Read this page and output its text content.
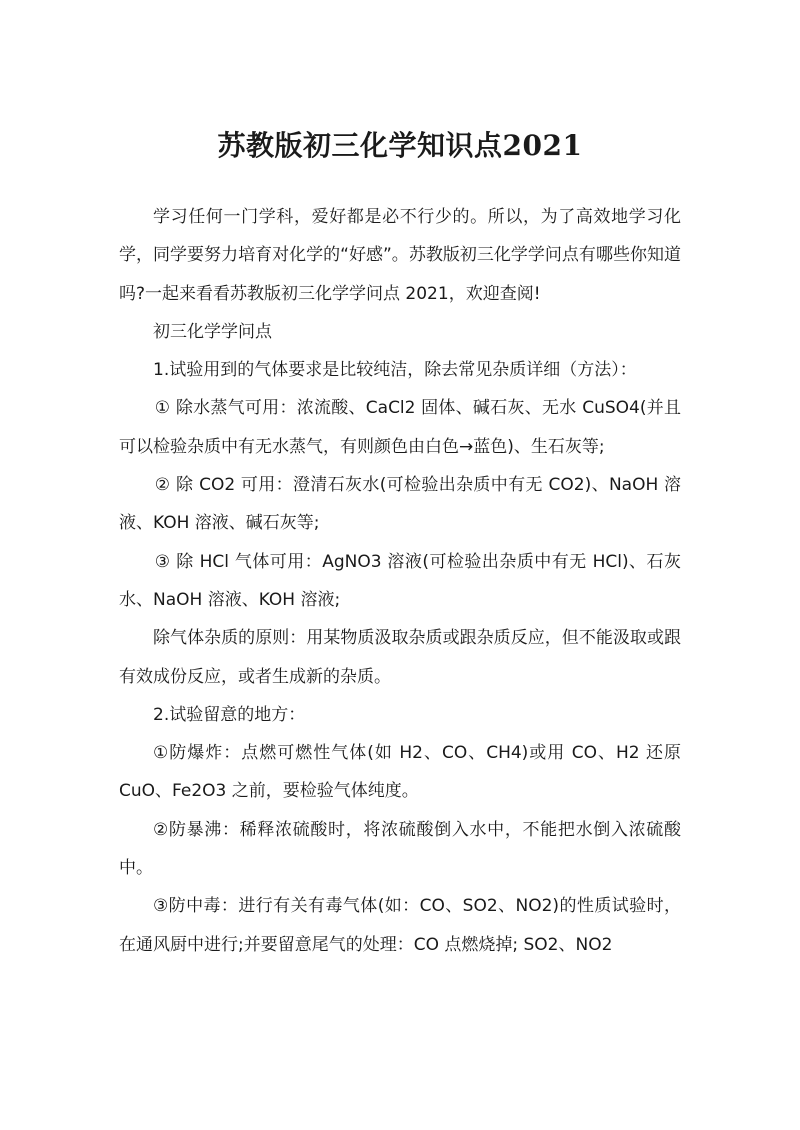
苏教版初三化学知识点2021

学习任何一门学科，爱好都是必不行少的。所以，为了高效地学习化学，同学要努力培育对化学的“好感”。苏教版初三化学学问点有哪些你知道吗?一起来看看苏教版初三化学学问点 2021，欢迎查阅!

初三化学学问点

1.试验用到的气体要求是比较纯洁，除去常见杂质详细（方法）：

① 除水蒸气可用：浓流酸、CaCl2 固体、碱石灰、无水 CuSO4(并且可以检验杂质中有无水蒸气，有则颜色由白色→蓝色)、生石灰等;

② 除 CO2 可用：澄清石灰水(可检验出杂质中有无 CO2)、NaOH 溶液、KOH 溶液、碱石灰等;

③ 除 HCl 气体可用：AgNO3 溶液(可检验出杂质中有无 HCl)、石灰水、NaOH 溶液、KOH 溶液;

除气体杂质的原则：用某物质汲取杂质或跟杂质反应，但不能汲取或跟有效成份反应，或者生成新的杂质。

2.试验留意的地方：

①防爆炸：点燃可燃性气体(如 H2、CO、CH4)或用 CO、H2 还原 CuO、Fe2O3 之前，要检验气体纯度。

②防暴沸：稀释浓硫酸时，将浓硫酸倒入水中，不能把水倒入浓硫酸中。

③防中毒：进行有关有毒气体(如：CO、SO2、NO2)的性质试验时，在通风厨中进行;并要留意尾气的处理：CO 点燃烧掉; SO2、NO2
